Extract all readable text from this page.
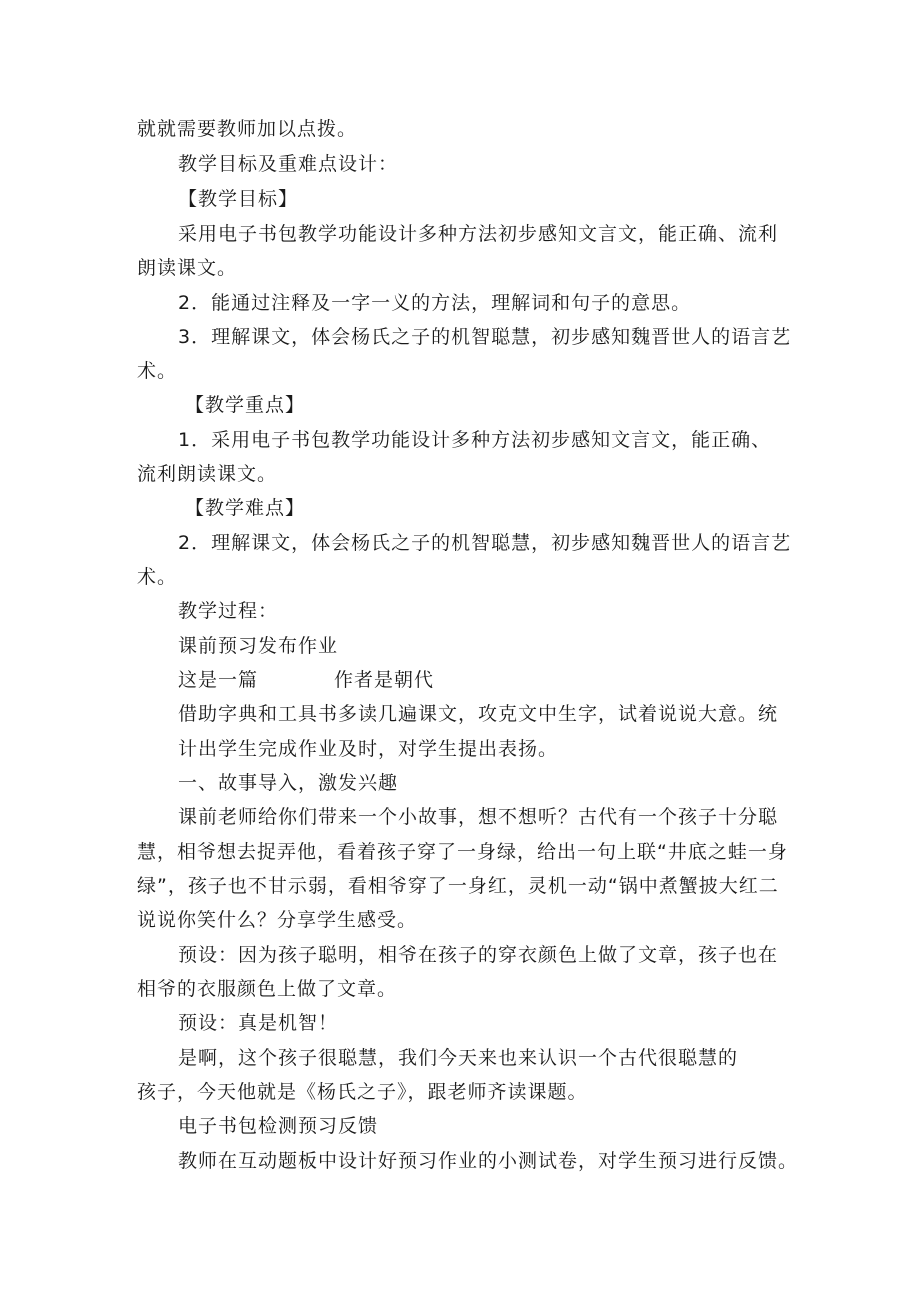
就就需要教师加以点拨。
教学目标及重难点设计：
【教学目标】
采用电子书包教学功能设计多种方法初步感知文言文，能正确、流利
朗读课文。
2．能通过注释及一字一义的方法，理解词和句子的意思。
3．理解课文，体会杨氏之子的机智聪慧，初步感知魏晋世人的语言艺
术。
【教学重点】
1．采用电子书包教学功能设计多种方法初步感知文言文，能正确、
流利朗读课文。
【教学难点】
2．理解课文，体会杨氏之子的机智聪慧，初步感知魏晋世人的语言艺
术。
教学过程：
课前预习发布作业
这是一篇	作者是朝代
借助字典和工具书多读几遍课文，攻克文中生字，试着说说大意。统
计出学生完成作业及时，对学生提出表扬。
一、故事导入，激发兴趣
课前老师给你们带来一个小故事，想不想听？古代有一个孩子十分聪
慧，相爷想去捉弄他，看着孩子穿了一身绿，给出一句上联“井底之蛙一身
绿”，孩子也不甘示弱，看相爷穿了一身红，灵机一动“锅中煮蟹披大红二
说说你笑什么？分享学生感受。
预设：因为孩子聪明，相爷在孩子的穿衣颜色上做了文章，孩子也在
相爷的衣服颜色上做了文章。
预设：真是机智！
是啊，这个孩子很聪慧，我们今天来也来认识一个古代很聪慧的
孩子，今天他就是《杨氏之子》，跟老师齐读课题。
电子书包检测预习反馈
教师在互动题板中设计好预习作业的小测试卷，对学生预习进行反馈。
